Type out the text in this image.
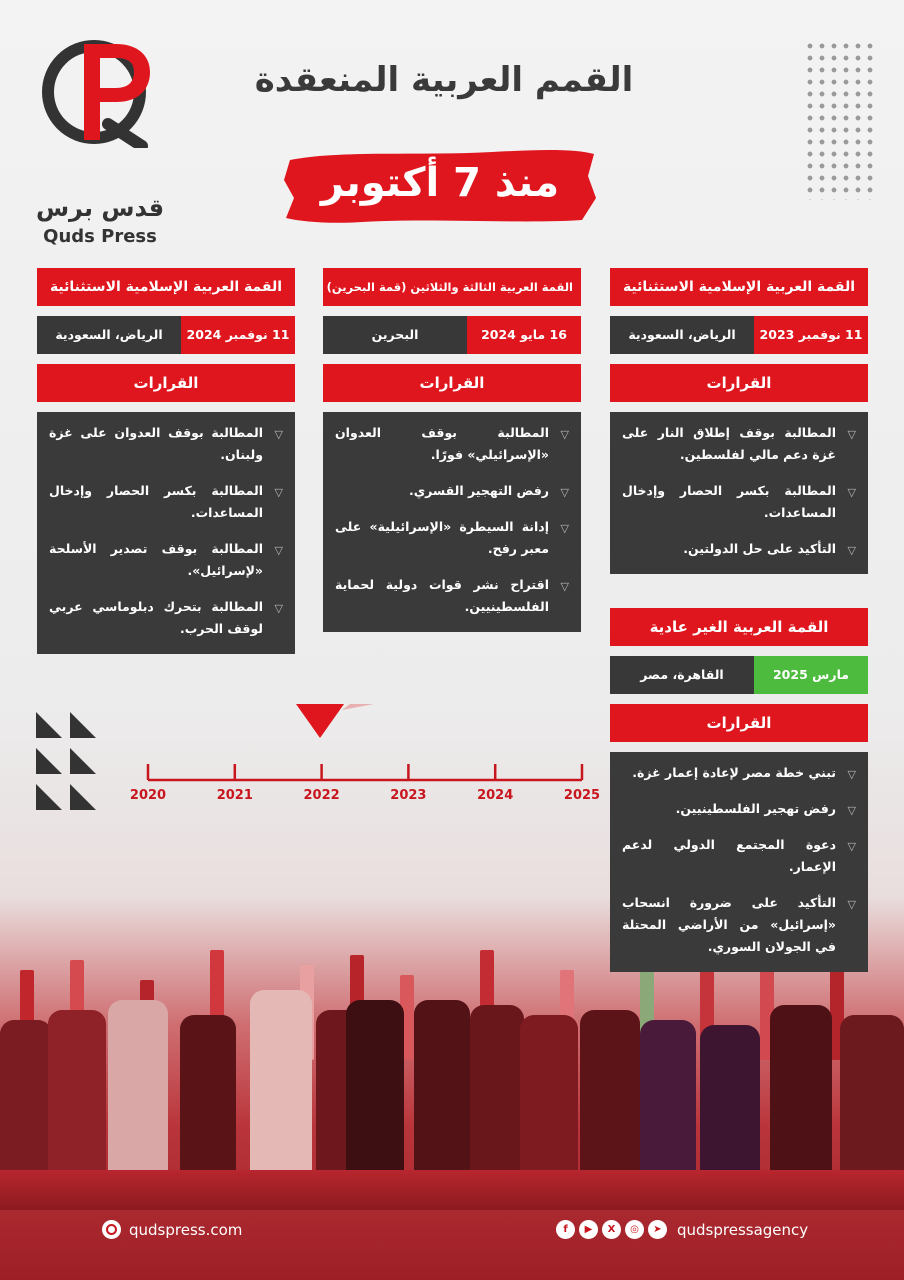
قدس برس
Quds Press
القمم العربية المنعقدة
منذ 7 أكتوبر
القمة العربية الإسلامية الاستثنائية
11 نوفمبر 2023
الرياض، السعودية
القرارات
▽
المطالبة بوقف إطلاق النار على غزة دعم مالي لفلسطين.
▽
المطالبة بكسر الحصار وإدخال المساعدات.
▽
التأكيد على حل الدولتين.
القمة العربية الثالثة والثلاثين (قمة البحرين)
16 مايو 2024
البحرين
القرارات
▽
المطالبة بوقف العدوان «الإسرائيلي» فورًا.
▽
رفض التهجير القسري.
▽
إدانة السيطرة «الإسرائيلية» على معبر رفح.
▽
اقتراح نشر قوات دولية لحماية الفلسطينيين.
القمة العربية الإسلامية الاستثنائية
11 نوفمبر 2024
الرياض، السعودية
القرارات
▽
المطالبة بوقف العدوان على غزة ولبنان.
▽
المطالبة بكسر الحصار وإدخال المساعدات.
▽
المطالبة بوقف تصدير الأسلحة «لإسرائيل».
▽
المطالبة بتحرك دبلوماسي عربي لوقف الحرب.	القمة العربية الغير عادية
مارس 2025
القاهرة، مصر
القرارات
▽
تبني خطة مصر لإعادة إعمار غزة.
▽
رفض تهجير الفلسطينيين.
▽
دعوة المجتمع الدولي لدعم الإعمار.
▽
التأكيد على ضرورة انسحاب «إسرائيل» من الأراضي المحتلة في الجولان السوري.
2020	2021	2022	2023	2024	2025
qudspress.com	f	▶	X	◎	➤	qudspressagency
